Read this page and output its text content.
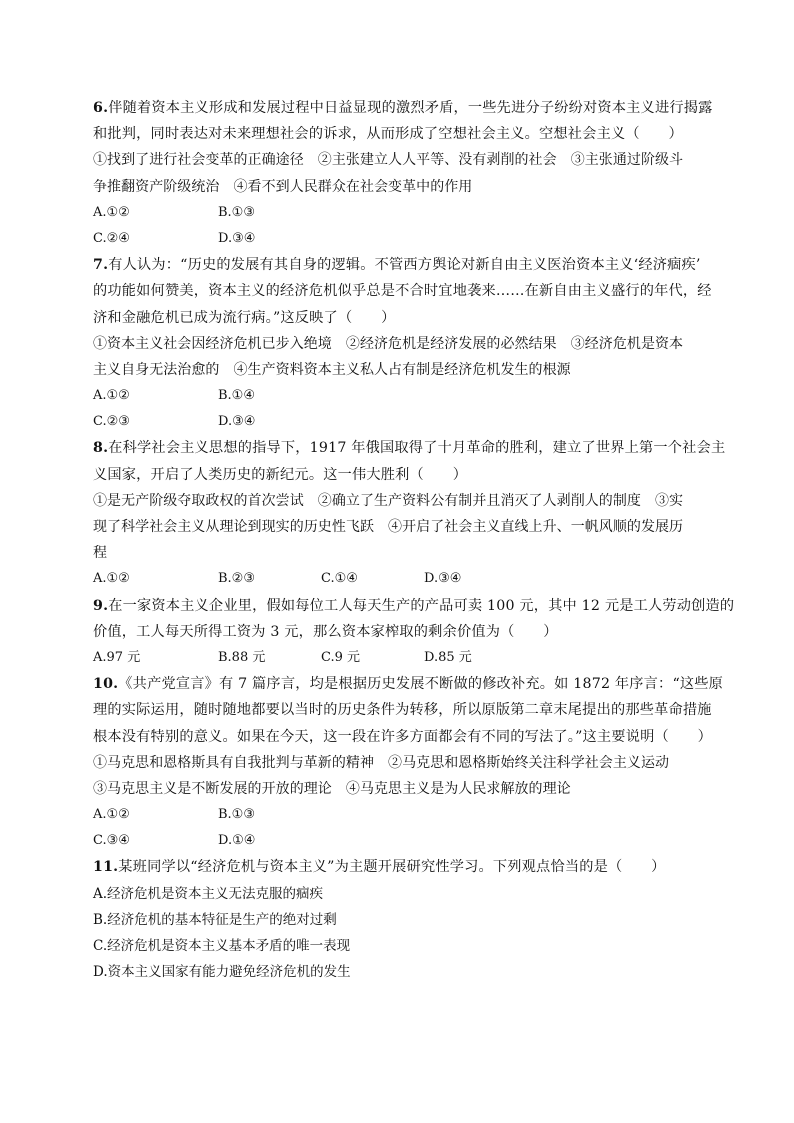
6.伴随着资本主义形成和发展过程中日益显现的激烈矛盾，一些先进分子纷纷对资本主义进行揭露
和批判，同时表达对未来理想社会的诉求，从而形成了空想社会主义。空想社会主义（　　）
①找到了进行社会变革的正确途径　②主张建立人人平等、没有剥削的社会　③主张通过阶级斗
争推翻资产阶级统治　④看不到人民群众在社会变革中的作用
A.①②	B.①③
C.②④	D.③④
7.有人认为：“历史的发展有其自身的逻辑。不管西方舆论对新自由主义医治资本主义‘经济痼疾’
的功能如何赞美，资本主义的经济危机似乎总是不合时宜地袭来……在新自由主义盛行的年代，经
济和金融危机已成为流行病。”这反映了（　　）
①资本主义社会因经济危机已步入绝境　②经济危机是经济发展的必然结果　③经济危机是资本
主义自身无法治愈的　④生产资料资本主义私人占有制是经济危机发生的根源
A.①②	B.①④
C.②③	D.③④
8.在科学社会主义思想的指导下，1917 年俄国取得了十月革命的胜利，建立了世界上第一个社会主
义国家，开启了人类历史的新纪元。这一伟大胜利（　　）
①是无产阶级夺取政权的首次尝试　②确立了生产资料公有制并且消灭了人剥削人的制度　③实
现了科学社会主义从理论到现实的历史性飞跃　④开启了社会主义直线上升、一帆风顺的发展历
程
A.①②	B.②③	C.①④	D.③④
9.在一家资本主义企业里，假如每位工人每天生产的产品可卖 100 元，其中 12 元是工人劳动创造的
价值，工人每天所得工资为 3 元，那么资本家榨取的剩余价值为（　　）
A.97 元	B.88 元	C.9 元	D.85 元
10.《共产党宣言》有 7 篇序言，均是根据历史发展不断做的修改补充。如 1872 年序言：“这些原
理的实际运用，随时随地都要以当时的历史条件为转移，所以原版第二章末尾提出的那些革命措施
根本没有特别的意义。如果在今天，这一段在许多方面都会有不同的写法了。”这主要说明（　　）
①马克思和恩格斯具有自我批判与革新的精神　②马克思和恩格斯始终关注科学社会主义运动
③马克思主义是不断发展的开放的理论　④马克思主义是为人民求解放的理论
A.①②	B.①③
C.③④	D.①④
11.某班同学以“经济危机与资本主义”为主题开展研究性学习。下列观点恰当的是（　　）
A.经济危机是资本主义无法克服的痼疾
B.经济危机的基本特征是生产的绝对过剩
C.经济危机是资本主义基本矛盾的唯一表现
D.资本主义国家有能力避免经济危机的发生
